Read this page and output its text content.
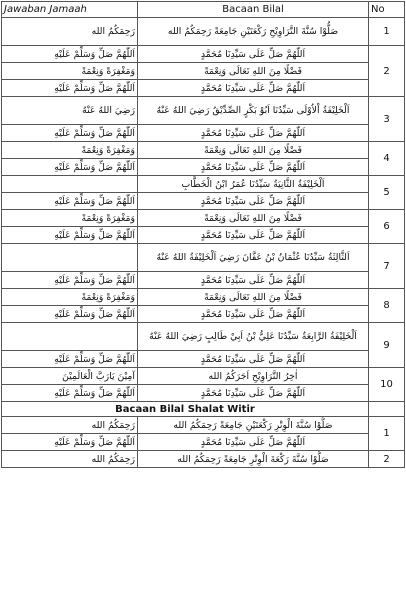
Jawaban Jamaah	Bacaan Bilal	No
رَحِمَكُمُ الله	صَلُّوْا سُنَّةَ التَّرَاوِيْحِ رَكْعَتَيْنِ جَامِعَةً رَحِمَكُمُ الله	1
اَللّٰهُمَّ صَلِّ وَسَلِّمْ عَلَيْهِ	اَللّٰهُمَّ صَلِّ عَلَى سَيِّدِنَا مُحَمَّدٍ	2
وَمَغْفِرَةً وَنِعْمَةً	فَضْلًا مِنَ اللهِ تَعَالَى وَنِعْمَةً	
اَللّٰهُمَّ صَلِّ وَسَلِّمْ عَلَيْهِ	اَللّٰهُمَّ صَلِّ عَلَى سَيِّدِنَا مُحَمَّدٍ	
رَضِيَ اللهُ عَنْهُ	اَلْخَلِيْفَةُ اْلاُوْلَى سَيِّدُنَا اَبُوْ بَكْرٍ الصِّدِّيْقُ رَضِيَ اللهُ عَنْهُ	3
اَللّٰهُمَّ صَلِّ وَسَلِّمْ عَلَيْهِ	اَللّٰهُمَّ صَلِّ عَلَى سَيِّدِنَا مُحَمَّدٍ	
وَمَغْفِرَةً وَنِعْمَةً	فَضْلًا مِنَ اللهِ تَعَالَى وَنِعْمَةً	4
اَللّٰهُمَّ صَلِّ وَسَلِّمْ عَلَيْهِ	اَللّٰهُمَّ صَلِّ عَلَى سَيِّدِنَا مُحَمَّدٍ	
	اَلْخَلِيْفَةُ الثَّانِيَةُ سَيِّدُنَا عُمَرُ ابْنُ الْخَطَّابِ	5
اَللّٰهُمَّ صَلِّ وَسَلِّمْ عَلَيْهِ	اَللّٰهُمَّ صَلِّ عَلَى سَيِّدِنَا مُحَمَّدٍ	
وَمَغْفِرَةً وَنِعْمَةً	فَضْلًا مِنَ اللهِ تَعَالَى وَنِعْمَةً	6
اَللّٰهُمَّ صَلِّ وَسَلِّمْ عَلَيْهِ	اَللّٰهُمَّ صَلِّ عَلَى سَيِّدِنَا مُحَمَّدٍ	
	اَلثَّالِثَةُ سَيِّدُنَا عُثْمَانُ بْنُ عَفَّانَ رَضِيَ اَلْخَلِيْفَةُ اللهُ عَنْهُ	7
اَللّٰهُمَّ صَلِّ وَسَلِّمْ عَلَيْهِ	اَللّٰهُمَّ صَلِّ عَلَى سَيِّدِنَا مُحَمَّدٍ	
وَمَغْفِرَةً وَنِعْمَةً	فَضْلًا مِنَ اللهِ تَعَالَى وَنِعْمَةً	8
اَللّٰهُمَّ صَلِّ وَسَلِّمْ عَلَيْهِ	اَللّٰهُمَّ صَلِّ عَلَى سَيِّدِنَا مُحَمَّدٍ	
	اَلْخَلِيْفَةُ الرَّابِعَةُ سَيِّدُنَا عَلِيُّ بْنُ اَبِيْ طَالِبٍ رَضِيَ اللهُ عَنْهُ	9
اَللّٰهُمَّ صَلِّ وَسَلِّمْ عَلَيْهِ	اَللّٰهُمَّ صَلِّ عَلَى سَيِّدِنَا مُحَمَّدٍ	
آمِيْنَ يَارَبَّ الْعَالَمِيْنَ	اٰخِرُ التَّرَاوِيْحِ اَجَرَكُمُ الله	10
اَللّٰهُمَّ صَلِّ وَسَلِّمْ عَلَيْهِ	اَللّٰهُمَّ صَلِّ عَلَى سَيِّدِنَا مُحَمَّدٍ	
Bacaan Bilal Shalat Witir		
رَحِمَكُمُ الله	صَلُّوْا سُنَّةَ الْوِتْرِ رَكْعَتَيْنِ جَامِعَةً رَحِمَكُمُ الله	1
اَللّٰهُمَّ صَلِّ وَسَلِّمْ عَلَيْهِ	اَللّٰهُمَّ صَلِّ عَلَى سَيِّدِنَا مُحَمَّدٍ	
رَحِمَكُمُ الله	صَلُّوْا سُنَّةَ رَكْعَةَ الْوِتْرِ جَامِعَةً رَحِمَكُمُ الله	2
